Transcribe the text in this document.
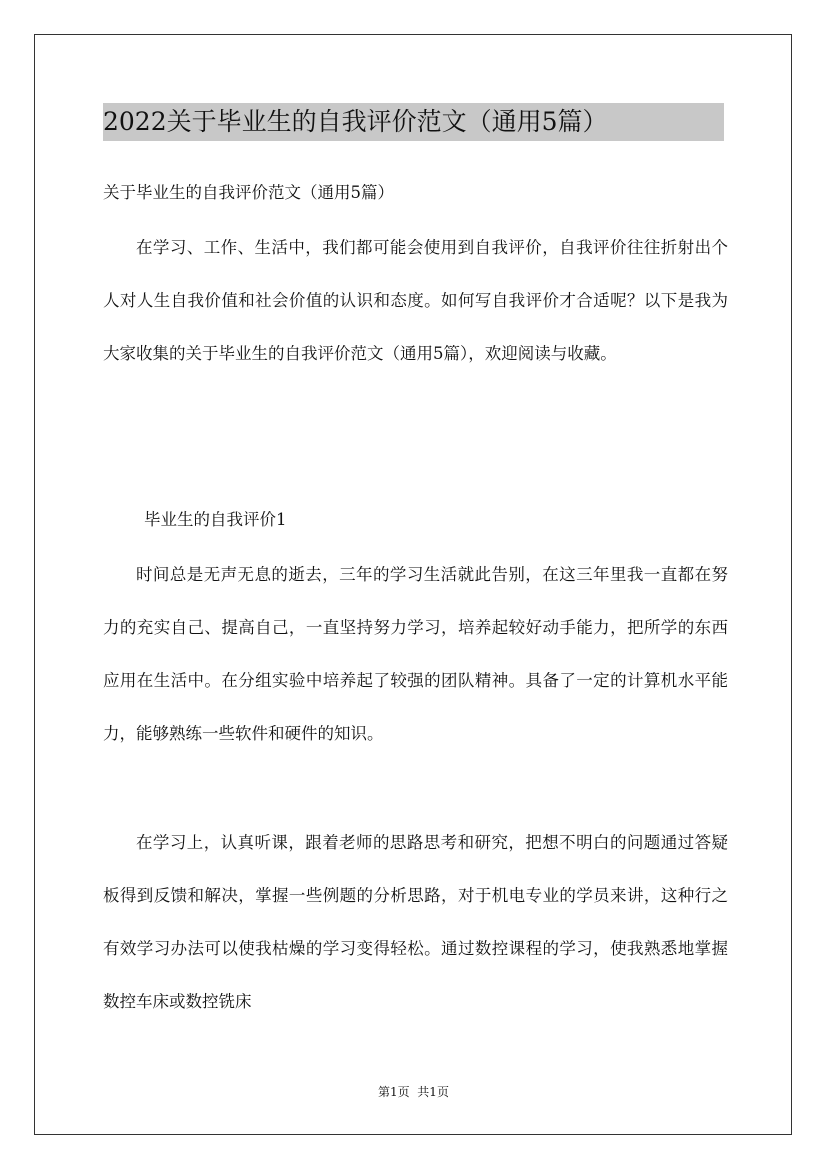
2022关于毕业生的自我评价范文（通用5篇）
关于毕业生的自我评价范文（通用5篇）

在学习、工作、生活中，我们都可能会使用到自我评价，自我评价往往折射出个人对人生自我价值和社会价值的认识和态度。如何写自我评价才合适呢？以下是我为大家收集的关于毕业生的自我评价范文（通用5篇），欢迎阅读与收藏。

毕业生的自我评价1

时间总是无声无息的逝去，三年的学习生活就此告别，在这三年里我一直都在努力的充实自己、提高自己，一直坚持努力学习，培养起较好动手能力，把所学的东西应用在生活中。在分组实验中培养起了较强的团队精神。具备了一定的计算机水平能力，能够熟练一些软件和硬件的知识。

在学习上，认真听课，跟着老师的思路思考和研究，把想不明白的问题通过答疑板得到反馈和解决，掌握一些例题的分析思路，对于机电专业的学员来讲，这种行之有效学习办法可以使我枯燥的学习变得轻松。通过数控课程的学习，使我熟悉地掌握数控车床或数控铣床

第1页  共1页
